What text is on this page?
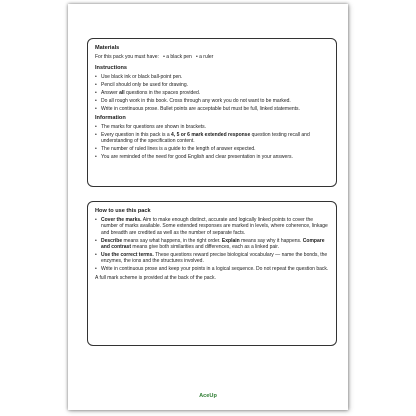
Materials
For this pack you must have:   • a black pen   • a ruler
Instructions
• Use black ink or black ball-point pen.
• Pencil should only be used for drawing.
• Answer all questions in the spaces provided.
• Do all rough work in this book. Cross through any work you do not want to be marked.
• Write in continuous prose. Bullet points are acceptable but must be full, linked statements.
Information
• The marks for questions are shown in brackets.
• Every question in this pack is a 4, 5 or 6 mark extended response question testing recall and understanding of the specification content.
• The number of ruled lines is a guide to the length of answer expected.
• You are reminded of the need for good English and clear presentation in your answers.
How to use this pack
• Cover the marks. Aim to make enough distinct, accurate and logically linked points to cover the number of marks available. Some extended responses are marked in levels, where coherence, linkage and breadth are credited as well as the number of separate facts.
• Describe means say what happens, in the right order. Explain means say why it happens. Compare and contrast means give both similarities and differences, each as a linked pair.
• Use the correct terms. These questions reward precise biological vocabulary — name the bonds, the enzymes, the ions and the structures involved.
• Write in continuous prose and keep your points in a logical sequence. Do not repeat the question back.
A full mark scheme is provided at the back of the pack.
AceUp
